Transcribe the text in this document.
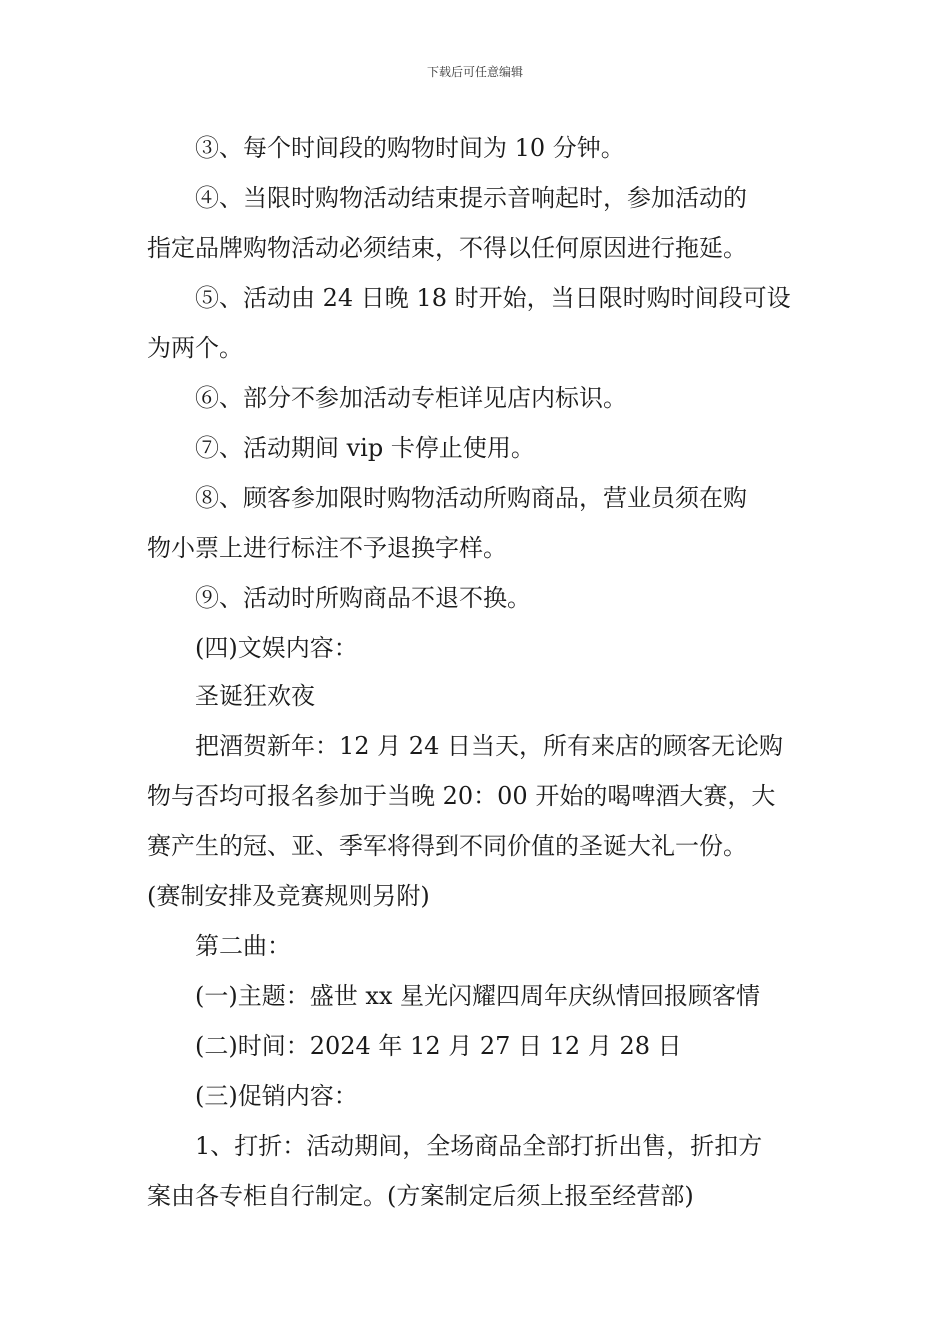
下载后可任意编辑
③、每个时间段的购物时间为 10 分钟。
④、当限时购物活动结束提示音响起时，参加活动的
指定品牌购物活动必须结束，不得以任何原因进行拖延。
⑤、活动由 24 日晚 18 时开始，当日限时购时间段可设
为两个。
⑥、部分不参加活动专柜详见店内标识。
⑦、活动期间 vip 卡停止使用。
⑧、顾客参加限时购物活动所购商品，营业员须在购
物小票上进行标注不予退换字样。
⑨、活动时所购商品不退不换。
(四)文娱内容：
圣诞狂欢夜
把酒贺新年：12 月 24 日当天，所有来店的顾客无论购
物与否均可报名参加于当晚 20：00 开始的喝啤酒大赛，大
赛产生的冠、亚、季军将得到不同价值的圣诞大礼一份。
(赛制安排及竞赛规则另附)
第二曲：
(一)主题：盛世 xx 星光闪耀四周年庆纵情回报顾客情
(二)时间：2024 年 12 月 27 日 12 月 28 日
(三)促销内容：
1、打折：活动期间，全场商品全部打折出售，折扣方
案由各专柜自行制定。(方案制定后须上报至经营部)
